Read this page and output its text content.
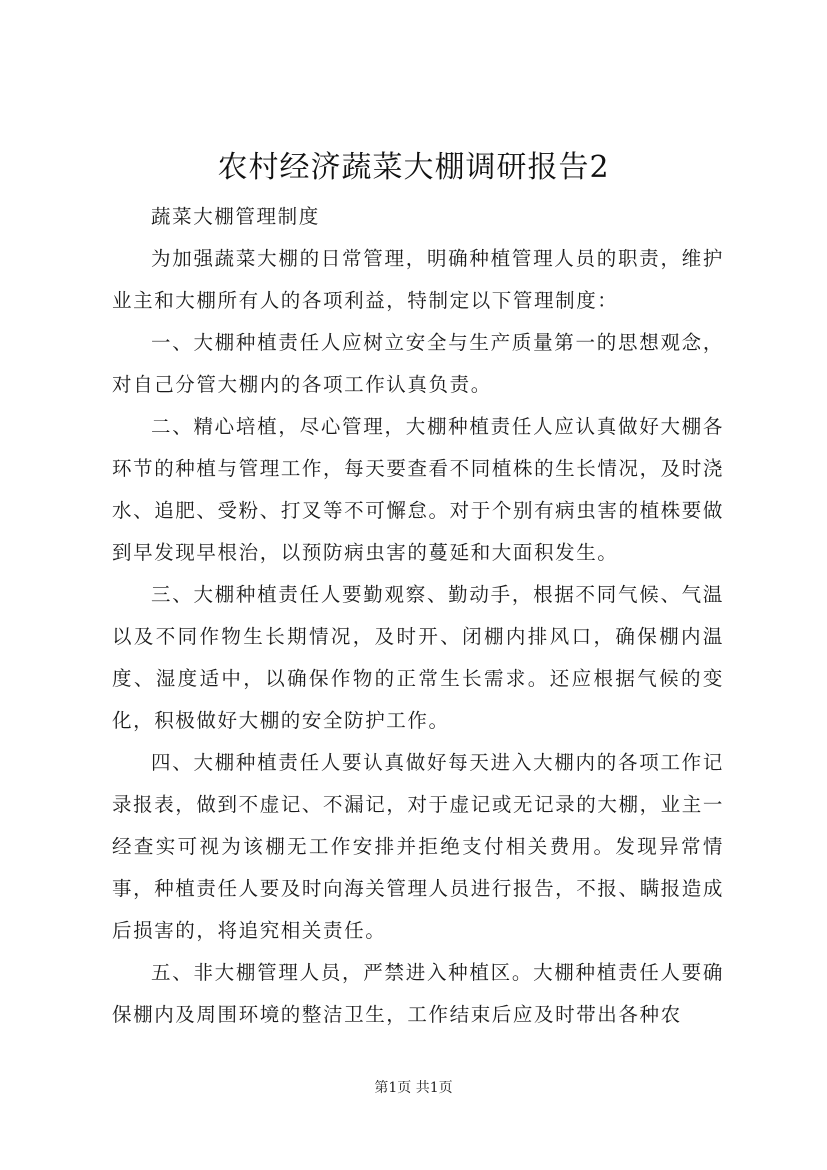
农村经济蔬菜大棚调研报告2

蔬菜大棚管理制度

为加强蔬菜大棚的日常管理，明确种植管理人员的职责，维护业主和大棚所有人的各项利益，特制定以下管理制度：

一、大棚种植责任人应树立安全与生产质量第一的思想观念，对自己分管大棚内的各项工作认真负责。

二、精心培植，尽心管理，大棚种植责任人应认真做好大棚各环节的种植与管理工作，每天要查看不同植株的生长情况，及时浇水、追肥、受粉、打叉等不可懈怠。对于个别有病虫害的植株要做到早发现早根治，以预防病虫害的蔓延和大面积发生。

三、大棚种植责任人要勤观察、勤动手，根据不同气候、气温以及不同作物生长期情况，及时开、闭棚内排风口，确保棚内温度、湿度适中，以确保作物的正常生长需求。还应根据气候的变化，积极做好大棚的安全防护工作。

四、大棚种植责任人要认真做好每天进入大棚内的各项工作记录报表，做到不虚记、不漏记，对于虚记或无记录的大棚，业主一经查实可视为该棚无工作安排并拒绝支付相关费用。发现异常情事，种植责任人要及时向海关管理人员进行报告，不报、瞒报造成后损害的，将追究相关责任。

五、非大棚管理人员，严禁进入种植区。大棚种植责任人要确保棚内及周围环境的整洁卫生，工作结束后应及时带出各种农

第1页 共1页
